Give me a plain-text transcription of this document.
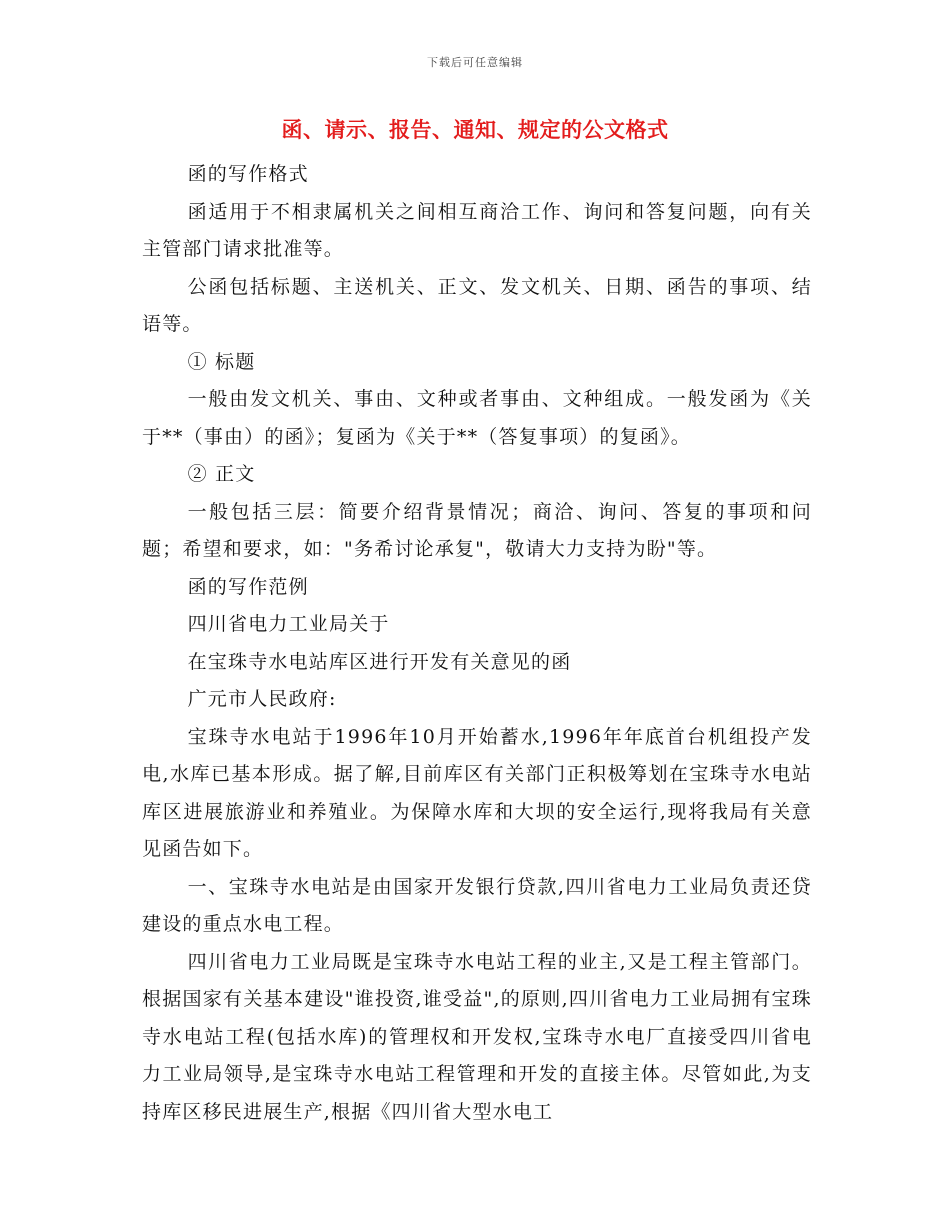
下载后可任意编辑
函、请示、报告、通知、规定的公文格式

函的写作格式

函适用于不相隶属机关之间相互商洽工作、询问和答复问题，向有关主管部门请求批准等。

公函包括标题、主送机关、正文、发文机关、日期、函告的事项、结语等。

① 标题

一般由发文机关、事由、文种或者事由、文种组成。一般发函为《关于**（事由）的函》；复函为《关于**（答复事项）的复函》。

② 正文

一般包括三层：简要介绍背景情况；商洽、询问、答复的事项和问题；希望和要求，如："务希讨论承复"，敬请大力支持为盼"等。

函的写作范例

四川省电力工业局关于

在宝珠寺水电站库区进行开发有关意见的函

广元市人民政府:

宝珠寺水电站于1996年10月开始蓄水,1996年年底首台机组投产发电,水库已基本形成。据了解,目前库区有关部门正积极筹划在宝珠寺水电站库区进展旅游业和养殖业。为保障水库和大坝的安全运行,现将我局有关意见函告如下。

一、宝珠寺水电站是由国家开发银行贷款,四川省电力工业局负责还贷建设的重点水电工程。

四川省电力工业局既是宝珠寺水电站工程的业主,又是工程主管部门。根据国家有关基本建设"谁投资,谁受益",的原则,四川省电力工业局拥有宝珠寺水电站工程(包括水库)的管理权和开发权,宝珠寺水电厂直接受四川省电力工业局领导,是宝珠寺水电站工程管理和开发的直接主体。尽管如此,为支持库区移民进展生产,根据《四川省大型水电工
